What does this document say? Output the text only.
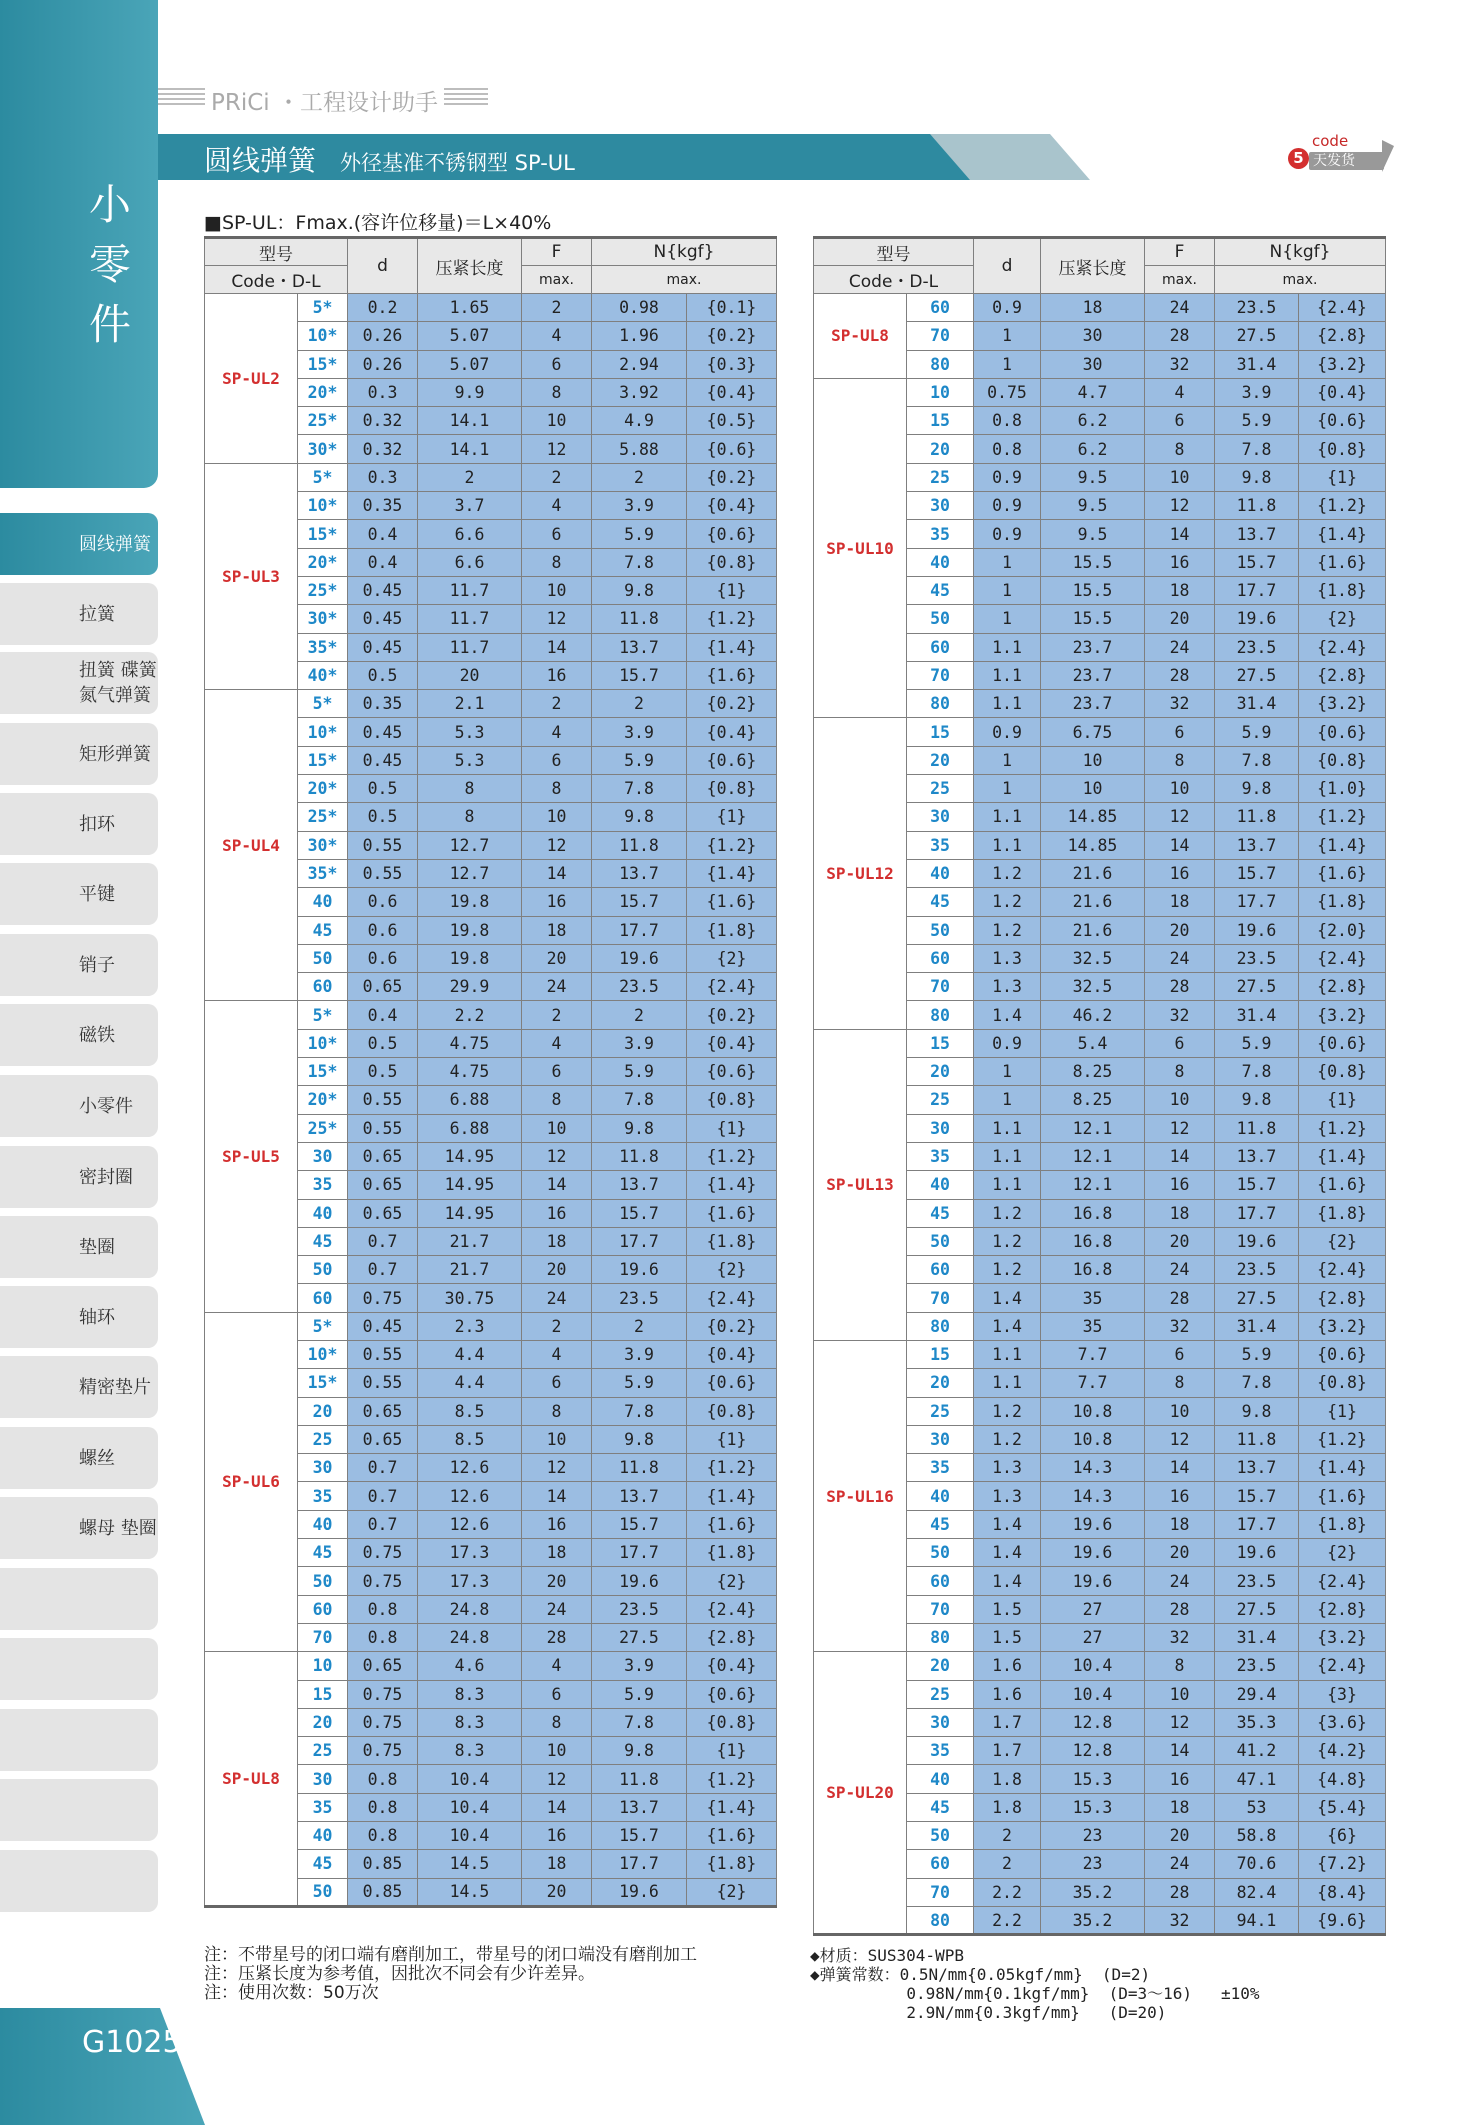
小零件
圆线弹簧
拉簧
扭簧 碟簧 氮气弹簧
矩形弹簧
扣环
平键
销子
磁铁
小零件
密封圈
垫圈
轴环
精密垫片
螺丝
螺母 垫圈
G1025
PRiCi ・工程设计助手
圆线弹簧 外径基准不锈钢型 SP-UL
code
5 天发货
■SP-UL：Fmax.(容许位移量)＝L×40%
型号		d	压紧长度	F	N{kgf}	
Code・D-L				max.	max.	
SP-UL2	5*	0.2	1.65	2	0.98	{0.1}
	10*	0.26	5.07	4	1.96	{0.2}
	15*	0.26	5.07	6	2.94	{0.3}
	20*	0.3	9.9	8	3.92	{0.4}
	25*	0.32	14.1	10	4.9	{0.5}
	30*	0.32	14.1	12	5.88	{0.6}
SP-UL3	5*	0.3	2	2	2	{0.2}
	10*	0.35	3.7	4	3.9	{0.4}
	15*	0.4	6.6	6	5.9	{0.6}
	20*	0.4	6.6	8	7.8	{0.8}
	25*	0.45	11.7	10	9.8	{1}
	30*	0.45	11.7	12	11.8	{1.2}
	35*	0.45	11.7	14	13.7	{1.4}
	40*	0.5	20	16	15.7	{1.6}
SP-UL4	5*	0.35	2.1	2	2	{0.2}
	10*	0.45	5.3	4	3.9	{0.4}
	15*	0.45	5.3	6	5.9	{0.6}
	20*	0.5	8	8	7.8	{0.8}
	25*	0.5	8	10	9.8	{1}
	30*	0.55	12.7	12	11.8	{1.2}
	35*	0.55	12.7	14	13.7	{1.4}
	40	0.6	19.8	16	15.7	{1.6}
	45	0.6	19.8	18	17.7	{1.8}
	50	0.6	19.8	20	19.6	{2}
	60	0.65	29.9	24	23.5	{2.4}
SP-UL5	5*	0.4	2.2	2	2	{0.2}
	10*	0.5	4.75	4	3.9	{0.4}
	15*	0.5	4.75	6	5.9	{0.6}
	20*	0.55	6.88	8	7.8	{0.8}
	25*	0.55	6.88	10	9.8	{1}
	30	0.65	14.95	12	11.8	{1.2}
	35	0.65	14.95	14	13.7	{1.4}
	40	0.65	14.95	16	15.7	{1.6}
	45	0.7	21.7	18	17.7	{1.8}
	50	0.7	21.7	20	19.6	{2}
	60	0.75	30.75	24	23.5	{2.4}
SP-UL6	5*	0.45	2.3	2	2	{0.2}
	10*	0.55	4.4	4	3.9	{0.4}
	15*	0.55	4.4	6	5.9	{0.6}
	20	0.65	8.5	8	7.8	{0.8}
	25	0.65	8.5	10	9.8	{1}
	30	0.7	12.6	12	11.8	{1.2}
	35	0.7	12.6	14	13.7	{1.4}
	40	0.7	12.6	16	15.7	{1.6}
	45	0.75	17.3	18	17.7	{1.8}
	50	0.75	17.3	20	19.6	{2}
	60	0.8	24.8	24	23.5	{2.4}
	70	0.8	24.8	28	27.5	{2.8}
SP-UL8	10	0.65	4.6	4	3.9	{0.4}
	15	0.75	8.3	6	5.9	{0.6}
	20	0.75	8.3	8	7.8	{0.8}
	25	0.75	8.3	10	9.8	{1}
	30	0.8	10.4	12	11.8	{1.2}
	35	0.8	10.4	14	13.7	{1.4}
	40	0.8	10.4	16	15.7	{1.6}
	45	0.85	14.5	18	17.7	{1.8}
	50	0.85	14.5	20	19.6	{2}
型号		d	压紧长度	F	N{kgf}	
Code・D-L				max.	max.	
SP-UL8	60	0.9	18	24	23.5	{2.4}
	70	1	30	28	27.5	{2.8}
	80	1	30	32	31.4	{3.2}
SP-UL10	10	0.75	4.7	4	3.9	{0.4}
	15	0.8	6.2	6	5.9	{0.6}
	20	0.8	6.2	8	7.8	{0.8}
	25	0.9	9.5	10	9.8	{1}
	30	0.9	9.5	12	11.8	{1.2}
	35	0.9	9.5	14	13.7	{1.4}
	40	1	15.5	16	15.7	{1.6}
	45	1	15.5	18	17.7	{1.8}
	50	1	15.5	20	19.6	{2}
	60	1.1	23.7	24	23.5	{2.4}
	70	1.1	23.7	28	27.5	{2.8}
	80	1.1	23.7	32	31.4	{3.2}
SP-UL12	15	0.9	6.75	6	5.9	{0.6}
	20	1	10	8	7.8	{0.8}
	25	1	10	10	9.8	{1.0}
	30	1.1	14.85	12	11.8	{1.2}
	35	1.1	14.85	14	13.7	{1.4}
	40	1.2	21.6	16	15.7	{1.6}
	45	1.2	21.6	18	17.7	{1.8}
	50	1.2	21.6	20	19.6	{2.0}
	60	1.3	32.5	24	23.5	{2.4}
	70	1.3	32.5	28	27.5	{2.8}
	80	1.4	46.2	32	31.4	{3.2}
SP-UL13	15	0.9	5.4	6	5.9	{0.6}
	20	1	8.25	8	7.8	{0.8}
	25	1	8.25	10	9.8	{1}
	30	1.1	12.1	12	11.8	{1.2}
	35	1.1	12.1	14	13.7	{1.4}
	40	1.1	12.1	16	15.7	{1.6}
	45	1.2	16.8	18	17.7	{1.8}
	50	1.2	16.8	20	19.6	{2}
	60	1.2	16.8	24	23.5	{2.4}
	70	1.4	35	28	27.5	{2.8}
	80	1.4	35	32	31.4	{3.2}
SP-UL16	15	1.1	7.7	6	5.9	{0.6}
	20	1.1	7.7	8	7.8	{0.8}
	25	1.2	10.8	10	9.8	{1}
	30	1.2	10.8	12	11.8	{1.2}
	35	1.3	14.3	14	13.7	{1.4}
	40	1.3	14.3	16	15.7	{1.6}
	45	1.4	19.6	18	17.7	{1.8}
	50	1.4	19.6	20	19.6	{2}
	60	1.4	19.6	24	23.5	{2.4}
	70	1.5	27	28	27.5	{2.8}
	80	1.5	27	32	31.4	{3.2}
SP-UL20	20	1.6	10.4	8	23.5	{2.4}
	25	1.6	10.4	10	29.4	{3}
	30	1.7	12.8	12	35.3	{3.6}
	35	1.7	12.8	14	41.2	{4.2}
	40	1.8	15.3	16	47.1	{4.8}
	45	1.8	15.3	18	53	{5.4}
	50	2	23	20	58.8	{6}
	60	2	23	24	70.6	{7.2}
	70	2.2	35.2	28	82.4	{8.4}
	80	2.2	35.2	32	94.1	{9.6}
注：不带星号的闭口端有磨削加工，带星号的闭口端没有磨削加工
注：压紧长度为参考值，因批次不同会有少许差异。
注：使用次数：50万次
◆材质：SUS304-WPB
◆弹簧常数：0.5N/mm{0.05kgf/mm}  (D=2)
0.98N/mm{0.1kgf/mm}  (D=3～16)   ±10%
2.9N/mm{0.3kgf/mm}   (D=20)
